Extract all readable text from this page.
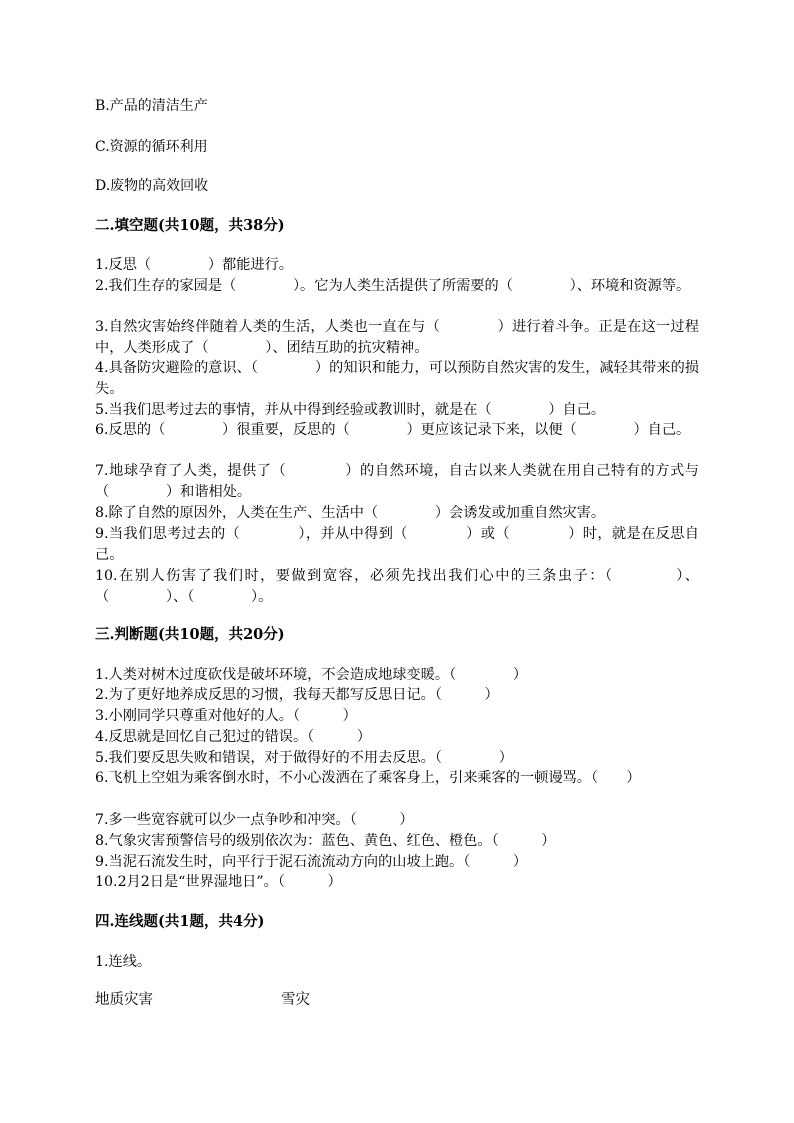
B.产品的清洁生产
C.资源的循环利用
D.废物的高效回收
二.填空题(共10题，共38分)
1.反思（　　　　）都能进行。
2.我们生存的家园是（　　　　）。它为人类生活提供了所需要的（　　　　）、环境和资源等。
3.自然灾害始终伴随着人类的生活，人类也一直在与（　　　　）进行着斗争。正是在这一过程中，人类形成了（　　　　）、团结互助的抗灾精神。
4.具备防灾避险的意识、（　　　　）的知识和能力，可以预防自然灾害的发生，减轻其带来的损失。
5.当我们思考过去的事情，并从中得到经验或教训时，就是在（　　　　）自己。
6.反思的（　　　　）很重要，反思的（　　　　）更应该记录下来，以便（　　　　）自己。
7.地球孕育了人类，提供了（　　　　）的自然环境，自古以来人类就在用自己特有的方式与（　　　　）和谐相处。
8.除了自然的原因外，人类在生产、生活中（　　　　）会诱发或加重自然灾害。
9.当我们思考过去的（　　　　），并从中得到（　　　　）或（　　　　）时，就是在反思自己。
10.在别人伤害了我们时，要做到宽容，必须先找出我们心中的三条虫子：（　　　　）、（　　　　）、（　　　　）。
三.判断题(共10题，共20分)
1.人类对树木过度砍伐是破坏环境，不会造成地球变暖。（　　　　）
2.为了更好地养成反思的习惯，我每天都写反思日记。（　　　）
3.小刚同学只尊重对他好的人。（　　　）
4.反思就是回忆自己犯过的错误。（　　　）
5.我们要反思失败和错误，对于做得好的不用去反思。（　　　　）
6.飞机上空姐为乘客倒水时，不小心泼洒在了乘客身上，引来乘客的一顿谩骂。（　　）
7.多一些宽容就可以少一点争吵和冲突。（　　　）
8.气象灾害预警信号的级别依次为：蓝色、黄色、红色、橙色。（　　　）
9.当泥石流发生时，向平行于泥石流流动方向的山坡上跑。（　　　）
10.2月2日是“世界湿地日”。（　　　）
四.连线题(共1题，共4分)
1.连线。
地质灾害	雪灾
